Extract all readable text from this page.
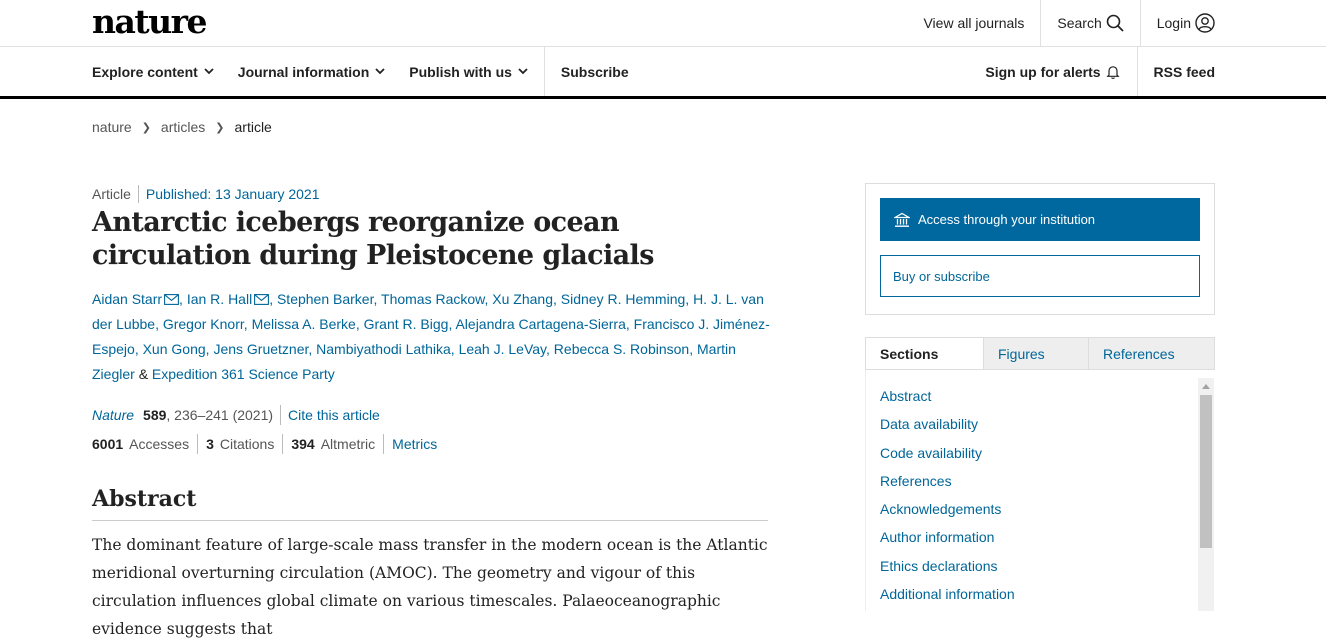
nature	View all journals Search	Login
Explore content	Journal information	Publish with us	Subscribe	Sign up for alerts	RSS feed
nature ❯ articles ❯ article
Article Published: 13 January 2021
Antarctic icebergs reorganize ocean circulation during Pleistocene glacials
Aidan Starr , Ian R. Hall , Stephen Barker, Thomas Rackow, Xu Zhang, Sidney R. Hemming, H. J. L. van der Lubbe, Gregor Knorr, Melissa A. Berke, Grant R. Bigg, Alejandra Cartagena-Sierra, Francisco J. Jiménez-Espejo, Xun Gong, Jens Gruetzner, Nambiyathodi Lathika, Leah J. LeVay, Rebecca S. Robinson, Martin Ziegler & Expedition 361 Science Party
Nature 589 , 236–241 (2021) Cite this article
6001 Accesses 3 Citations 394 Altmetric Metrics
Abstract

The dominant feature of large-scale mass transfer in the modern ocean is the Atlantic meridional overturning circulation (AMOC). The geometry and vigour of this circulation influences global climate on various timescales. Palaeoceanographic evidence suggests that

Access through your institution
Buy or subscribe
Sections	Figures	References
Abstract
Data availability
Code availability
References
Acknowledgements
Author information
Ethics declarations
Additional information
